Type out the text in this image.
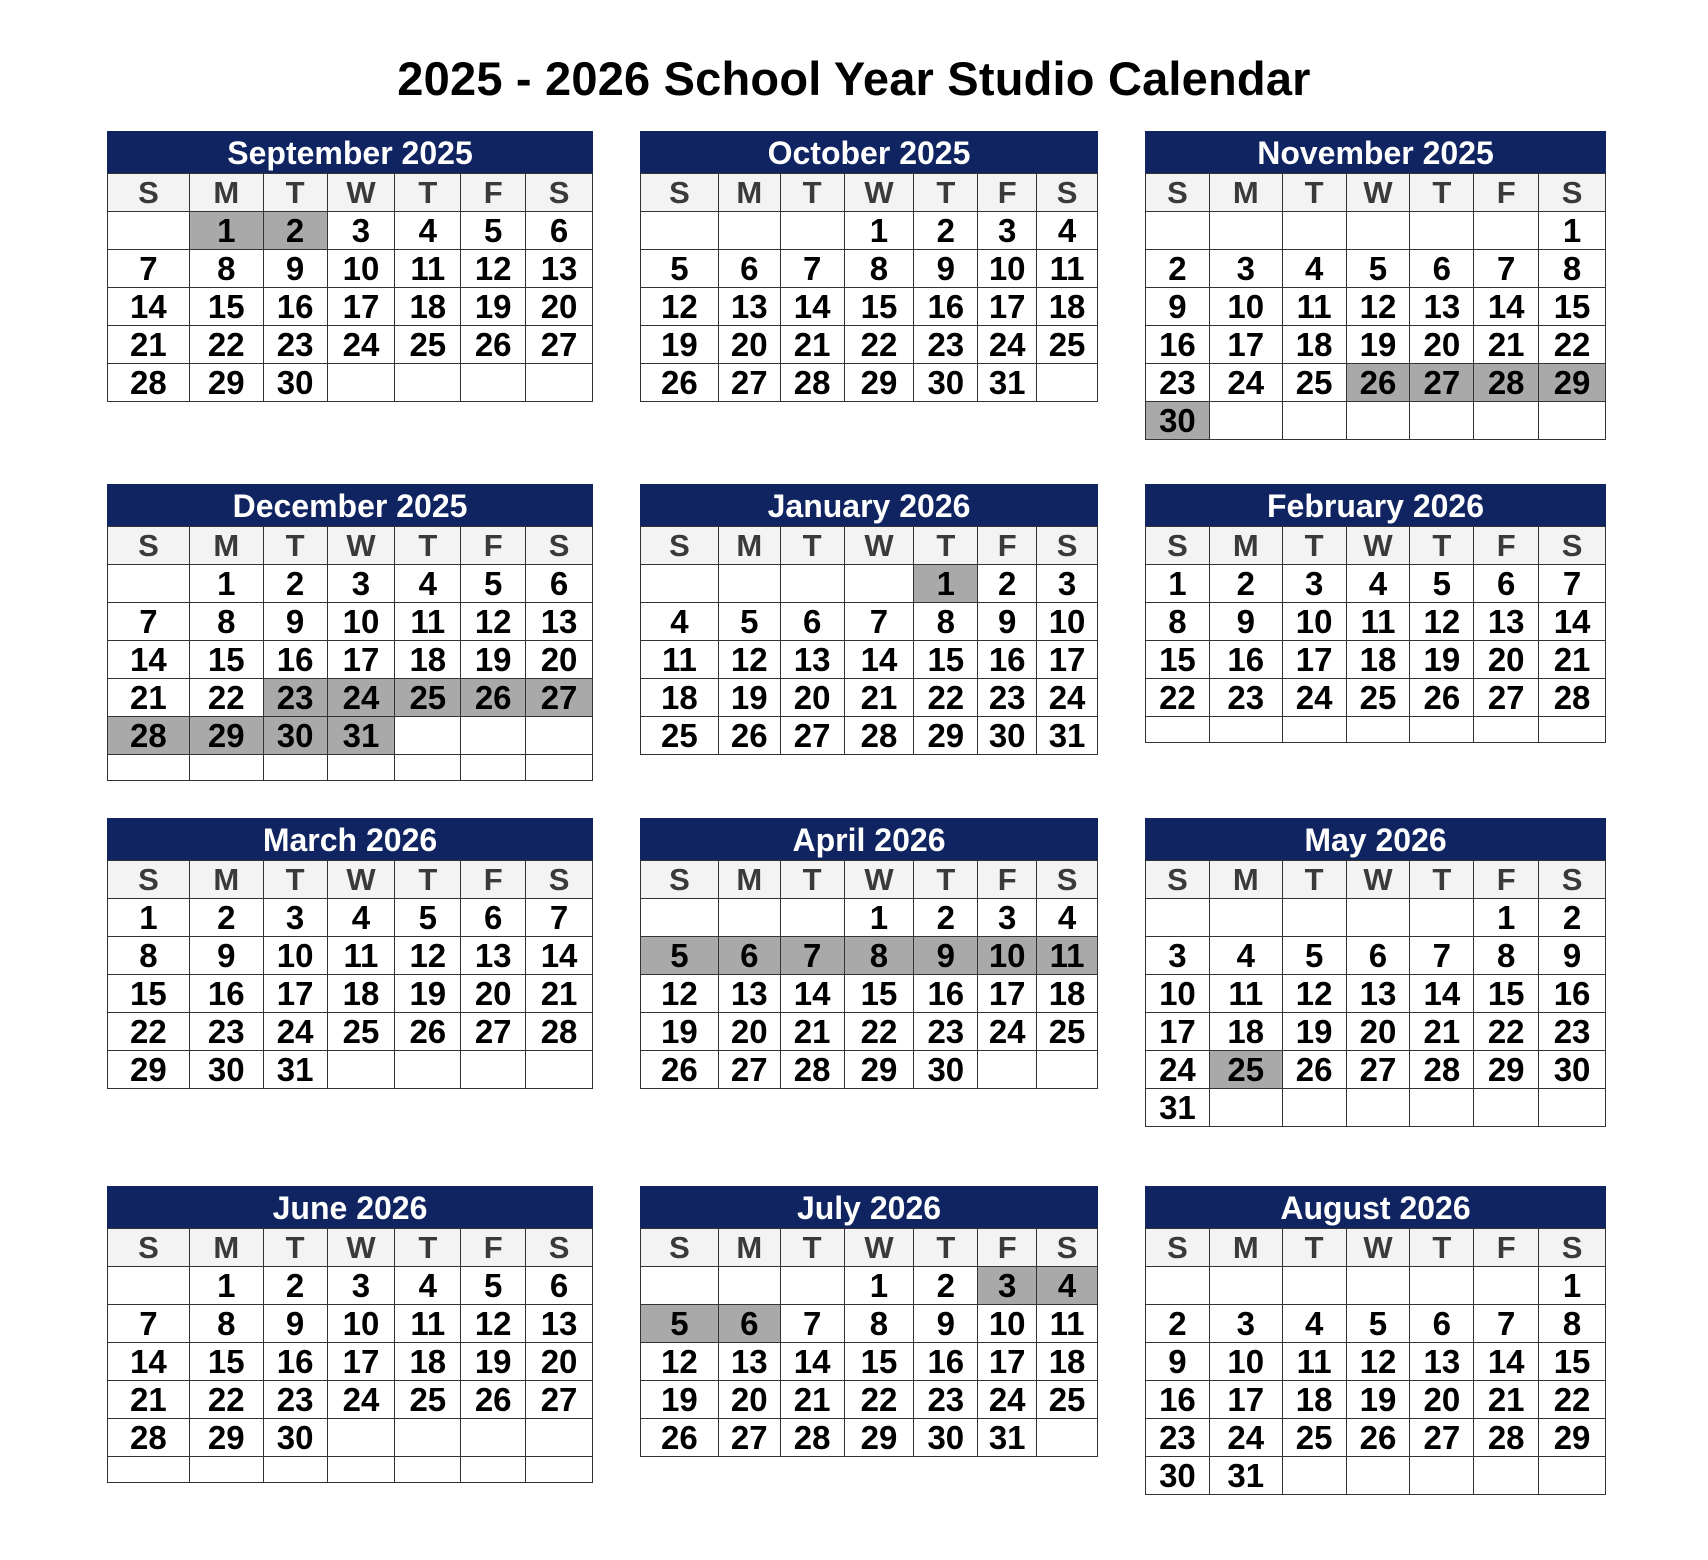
2025 - 2026 School Year Studio Calendar
September 2025
S	M	T	W	T	F	S
	1	2	3	4	5	6
7	8	9	10	11	12	13
14	15	16	17	18	19	20
21	22	23	24	25	26	27
28	29	30				
October 2025
S	M	T	W	T	F	S
			1	2	3	4
5	6	7	8	9	10	11
12	13	14	15	16	17	18
19	20	21	22	23	24	25
26	27	28	29	30	31	
November 2025
S	M	T	W	T	F	S
						1
2	3	4	5	6	7	8
9	10	11	12	13	14	15
16	17	18	19	20	21	22
23	24	25	26	27	28	29
30						
December 2025
S	M	T	W	T	F	S
	1	2	3	4	5	6
7	8	9	10	11	12	13
14	15	16	17	18	19	20
21	22	23	24	25	26	27
28	29	30	31			

January 2026
S	M	T	W	T	F	S
				1	2	3
4	5	6	7	8	9	10
11	12	13	14	15	16	17
18	19	20	21	22	23	24
25	26	27	28	29	30	31
February 2026
S	M	T	W	T	F	S
1	2	3	4	5	6	7
8	9	10	11	12	13	14
15	16	17	18	19	20	21
22	23	24	25	26	27	28

March 2026
S	M	T	W	T	F	S
1	2	3	4	5	6	7
8	9	10	11	12	13	14
15	16	17	18	19	20	21
22	23	24	25	26	27	28
29	30	31				
April 2026
S	M	T	W	T	F	S
			1	2	3	4
5	6	7	8	9	10	11
12	13	14	15	16	17	18
19	20	21	22	23	24	25
26	27	28	29	30		
May 2026
S	M	T	W	T	F	S
					1	2
3	4	5	6	7	8	9
10	11	12	13	14	15	16
17	18	19	20	21	22	23
24	25	26	27	28	29	30
31						
June 2026
S	M	T	W	T	F	S
	1	2	3	4	5	6
7	8	9	10	11	12	13
14	15	16	17	18	19	20
21	22	23	24	25	26	27
28	29	30				

July 2026
S	M	T	W	T	F	S
			1	2	3	4
5	6	7	8	9	10	11
12	13	14	15	16	17	18
19	20	21	22	23	24	25
26	27	28	29	30	31	
August 2026
S	M	T	W	T	F	S
						1
2	3	4	5	6	7	8
9	10	11	12	13	14	15
16	17	18	19	20	21	22
23	24	25	26	27	28	29
30	31					
